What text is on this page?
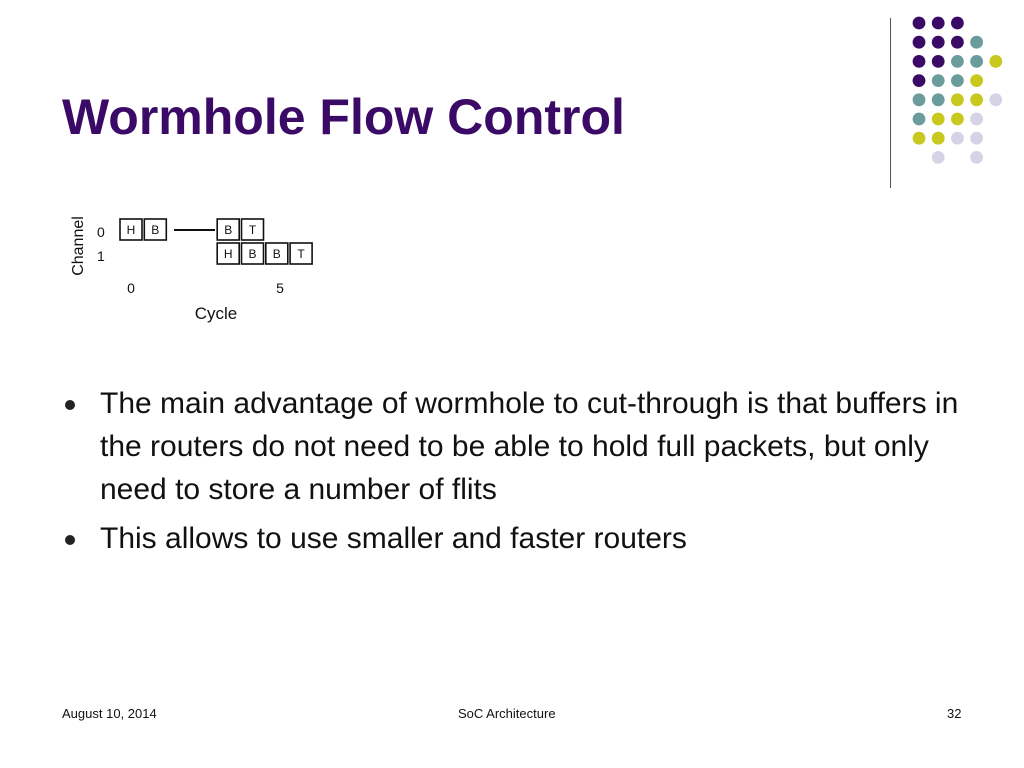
Wormhole Flow Control
Channel 0
1
0	5
Cycle
H B	B T
H B B T
The main advantage of wormhole to cut-through is that buffers in the routers do not need to be able to hold full packets, but only need to store a number of flits
This allows to use smaller and faster routers
August 10, 2014	SoC Architecture	32
